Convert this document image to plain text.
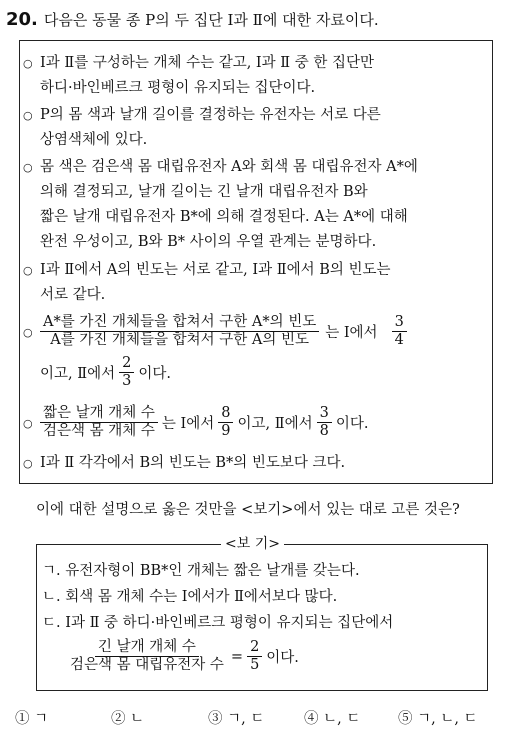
20. 다음은 동물 종 P의 두 집단 Ⅰ과 Ⅱ에 대한 자료이다.
○ Ⅰ과 Ⅱ를 구성하는 개체 수는 같고, Ⅰ과 Ⅱ 중 한 집단만
하디·바인베르크 평형이 유지되는 집단이다.
○ P의 몸 색과 날개 길이를 결정하는 유전자는 서로 다른
상염색체에 있다.
○ 몸 색은 검은색 몸 대립유전자 A와 회색 몸 대립유전자 A*에
의해 결정되고, 날개 길이는 긴 날개 대립유전자 B와
짧은 날개 대립유전자 B*에 의해 결정된다. A는 A*에 대해
완전 우성이고, B와 B* 사이의 우열 관계는 분명하다.
○ Ⅰ과 Ⅱ에서 A의 빈도는 서로 같고, Ⅰ과 Ⅱ에서 B의 빈도는
서로 같다.
○ $\frac{\text{A*를 가진 개체들을 합쳐서 구한 A*의 빈도}}{\text{A를 가진 개체들을 합쳐서 구한 A의 빈도}}$ 는 Ⅰ에서 $\frac{3}{4}$
이고, Ⅱ에서 $\frac{2}{3}$ 이다.
○ $\frac{\text{짧은 날개 개체 수}}{\text{검은색 몸 개체 수}}$ 는 Ⅰ에서 $\frac{8}{9}$ 이고, Ⅱ에서 $\frac{3}{8}$ 이다.
○ Ⅰ과 Ⅱ 각각에서 B의 빈도는 B*의 빈도보다 크다.
이에 대한 설명으로 옳은 것만을 <보기>에서 있는 대로 고른 것은?
<보 기>
ㄱ. 유전자형이 BB*인 개체는 짧은 날개를 갖는다.
ㄴ. 회색 몸 개체 수는 Ⅰ에서가 Ⅱ에서보다 많다.
ㄷ. Ⅰ과 Ⅱ 중 하디·바인베르크 평형이 유지되는 집단에서
$\frac{\text{긴 날개 개체 수}}{\text{검은색 몸 대립유전자 수}} = \frac{2}{5}$ 이다.
① ㄱ	② ㄴ	③ ㄱ, ㄷ	④ ㄴ, ㄷ	⑤ ㄱ, ㄴ, ㄷ
